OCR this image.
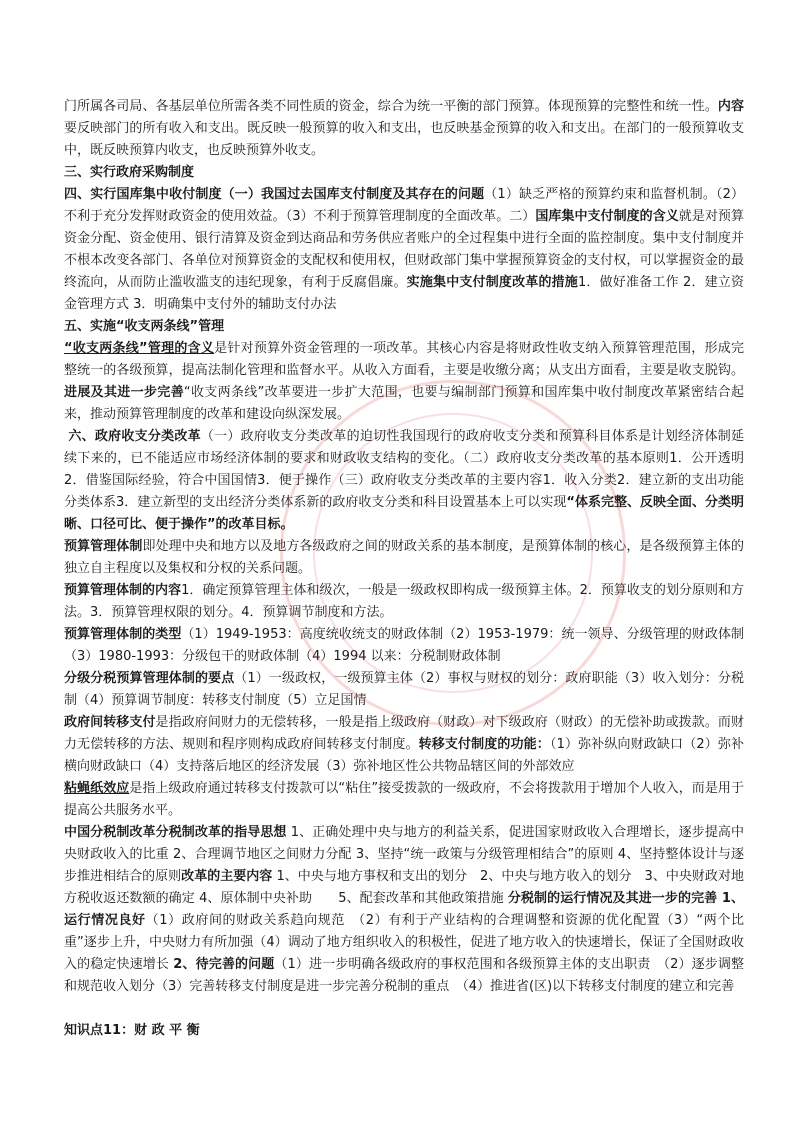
门所属各司局、各基层单位所需各类不同性质的资金，综合为统一平衡的部门预算。体现预算的完整性和统一性。内容 要反映部门的所有收入和支出。既反映一般预算的收入和支出，也反映基金预算的收入和支出。在部门的一般预算收支中，既反映预算内收支，也反映预算外收支。

三、实行政府采购制度

四、实行国库集中收付制度（一）我国过去国库支付制度及其存在的问题（1）缺乏严格的预算约束和监督机制。（2）不利于充分发挥财政资金的使用效益。（3）不利于预算管理制度的全面改革。二）国库集中支付制度的含义就是对预算资金分配、资金使用、银行清算及资金到达商品和劳务供应者账户的全过程集中进行全面的监控制度。集中支付制度并不根本改变各部门、各单位对预算资金的支配权和使用权，但财政部门集中掌握预算资金的支付权，可以掌握资金的最终流向，从而防止滥收滥支的违纪现象，有利于反腐倡廉。实施集中支付制度改革的措施1．做好准备工作 2．建立资金管理方式 3．明确集中支付外的辅助支付办法

五、实施“收支两条线”管理

“收支两条线”管理的含义是针对预算外资金管理的一项改革。其核心内容是将财政性收支纳入预算管理范围，形成完整统一的各级预算，提高法制化管理和监督水平。从收入方面看，主要是收缴分离；从支出方面看，主要是收支脱钩。进展及其进一步完善“收支两条线”改革要进一步扩大范围，也要与编制部门预算和国库集中收付制度改革紧密结合起来，推动预算管理制度的改革和建设向纵深发展。

六、政府收支分类改革（一）政府收支分类改革的迫切性我国现行的政府收支分类和预算科目体系是计划经济体制延续下来的，已不能适应市场经济体制的要求和财政收支结构的变化。（二）政府收支分类改革的基本原则1．公开透明2．借鉴国际经验，符合中国国情3．便于操作（三）政府收支分类改革的主要内容1．收入分类2．建立新的支出功能分类体系3．建立新型的支出经济分类体系新的政府收支分类和科目设置基本上可以实现“体系完整、反映全面、分类明晰、口径可比、便于操作”的改革目标。

预算管理体制即处理中央和地方以及地方各级政府之间的财政关系的基本制度，是预算体制的核心，是各级预算主体的独立自主程度以及集权和分权的关系问题。

预算管理体制的内容1．确定预算管理主体和级次，一般是一级政权即构成一级预算主体。2．预算收支的划分原则和方法。3．预算管理权限的划分。4．预算调节制度和方法。

预算管理体制的类型（1）1949-1953：高度统收统支的财政体制（2）1953-1979：统一领导、分级管理的财政体制（3）1980-1993：分级包干的财政体制（4）1994 以来：分税制财政体制

分级分税预算管理体制的要点（1）一级政权，一级预算主体（2）事权与财权的划分：政府职能（3）收入划分：分税制（4）预算调节制度：转移支付制度（5）立足国情

政府间转移支付是指政府间财力的无偿转移，一般是指上级政府（财政）对下级政府（财政）的无偿补助或拨款。而财力无偿转移的方法、规则和程序则构成政府间转移支付制度。转移支付制度的功能：（1）弥补纵向财政缺口（2）弥补横向财政缺口（4）支持落后地区的经济发展（3）弥补地区性公共物品辖区间的外部效应

粘蝇纸效应是指上级政府通过转移支付拨款可以“粘住”接受拨款的一级政府，不会将拨款用于增加个人收入，而是用于提高公共服务水平。

中国分税制改革分税制改革的指导思想 1、正确处理中央与地方的利益关系，促进国家财政收入合理增长，逐步提高中央财政收入的比重 2、合理调节地区之间财力分配 3、坚持“统一政策与分级管理相结合”的原则 4、坚持整体设计与逐步推进相结合的原则改革的主要内容 1、中央与地方事权和支出的划分　2、中央与地方收入的划分　3、中央财政对地方税收返还数额的确定 4、原体制中央补助　　5、配套改革和其他政策措施 分税制的运行情况及其进一步的完善 1、运行情况良好（1）政府间的财政关系趋向规范　（2）有利于产业结构的合理调整和资源的优化配置（3）“两个比重”逐步上升，中央财力有所加强（4）调动了地方组织收入的积极性，促进了地方收入的快速增长，保证了全国财政收入的稳定快速增长 2、待完善的问题（1）进一步明确各级政府的事权范围和各级预算主体的支出职责　（2）逐步调整和规范收入划分（3）完善转移支付制度是进一步完善分税制的重点　（4）推进省(区)以下转移支付制度的建立和完善

知识点11：财 政 平 衡
